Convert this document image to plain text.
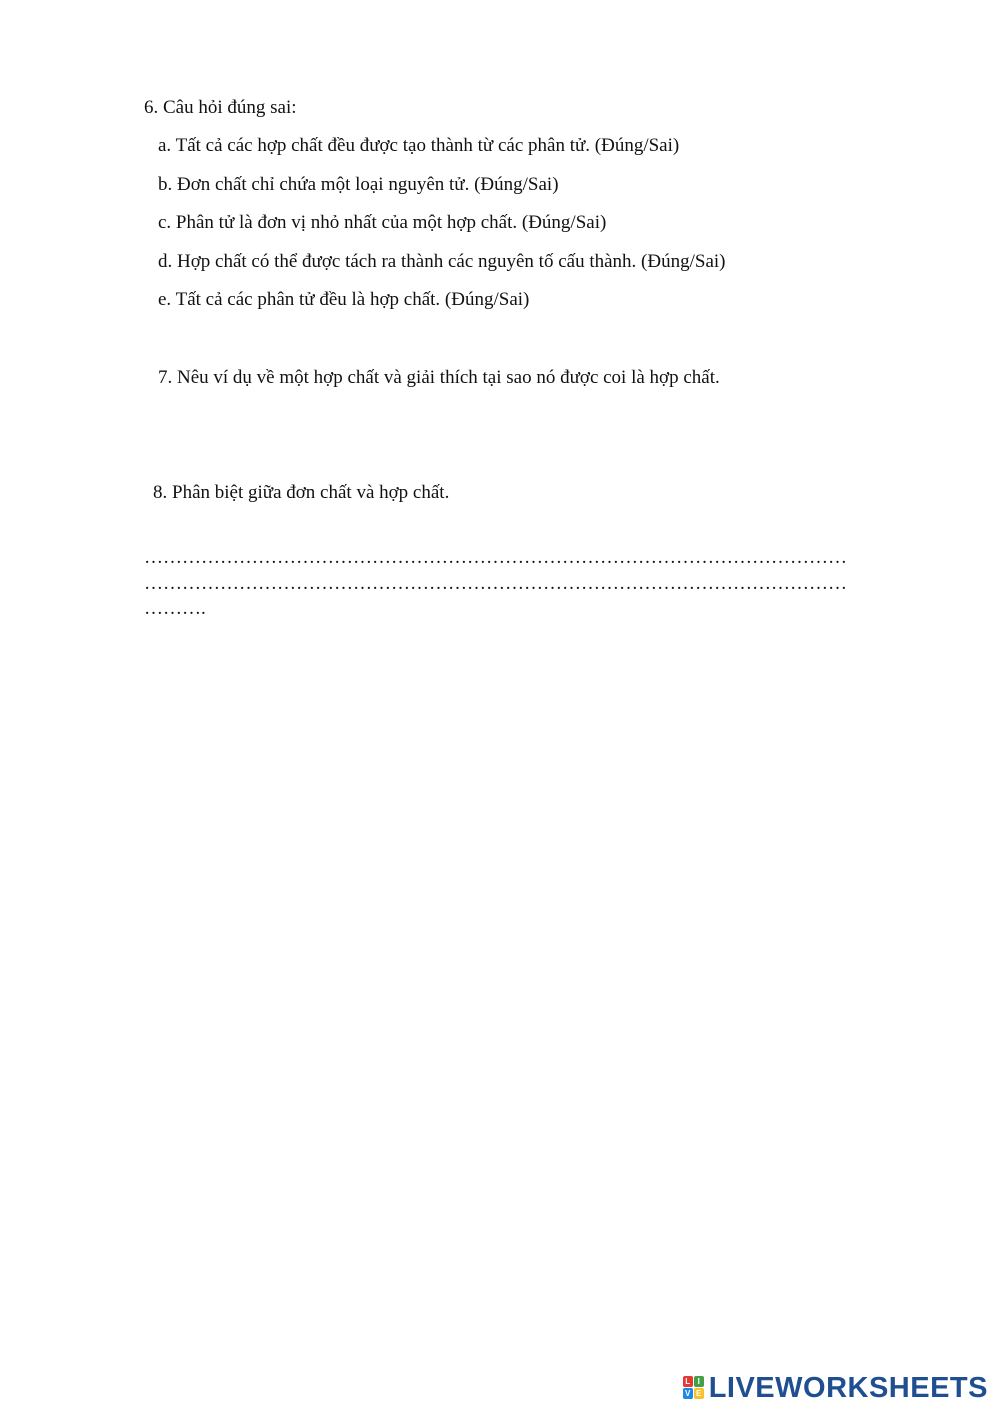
6. Câu hỏi đúng sai:
a. Tất cả các hợp chất đều được tạo thành từ các phân tử. (Đúng/Sai)
b. Đơn chất chỉ chứa một loại nguyên tử. (Đúng/Sai)
c. Phân tử là đơn vị nhỏ nhất của một hợp chất. (Đúng/Sai)
d. Hợp chất có thể được tách ra thành các nguyên tố cấu thành. (Đúng/Sai)
e. Tất cả các phân tử đều là hợp chất. (Đúng/Sai)
7. Nêu ví dụ về một hợp chất và giải thích tại sao nó được coi là hợp chất.
8. Phân biệt giữa đơn chất và hợp chất.
…………………………………………………………………………………………………
…………………………………………………………………………………………………
……….
L I
V E LIVEWORKSHEETS
